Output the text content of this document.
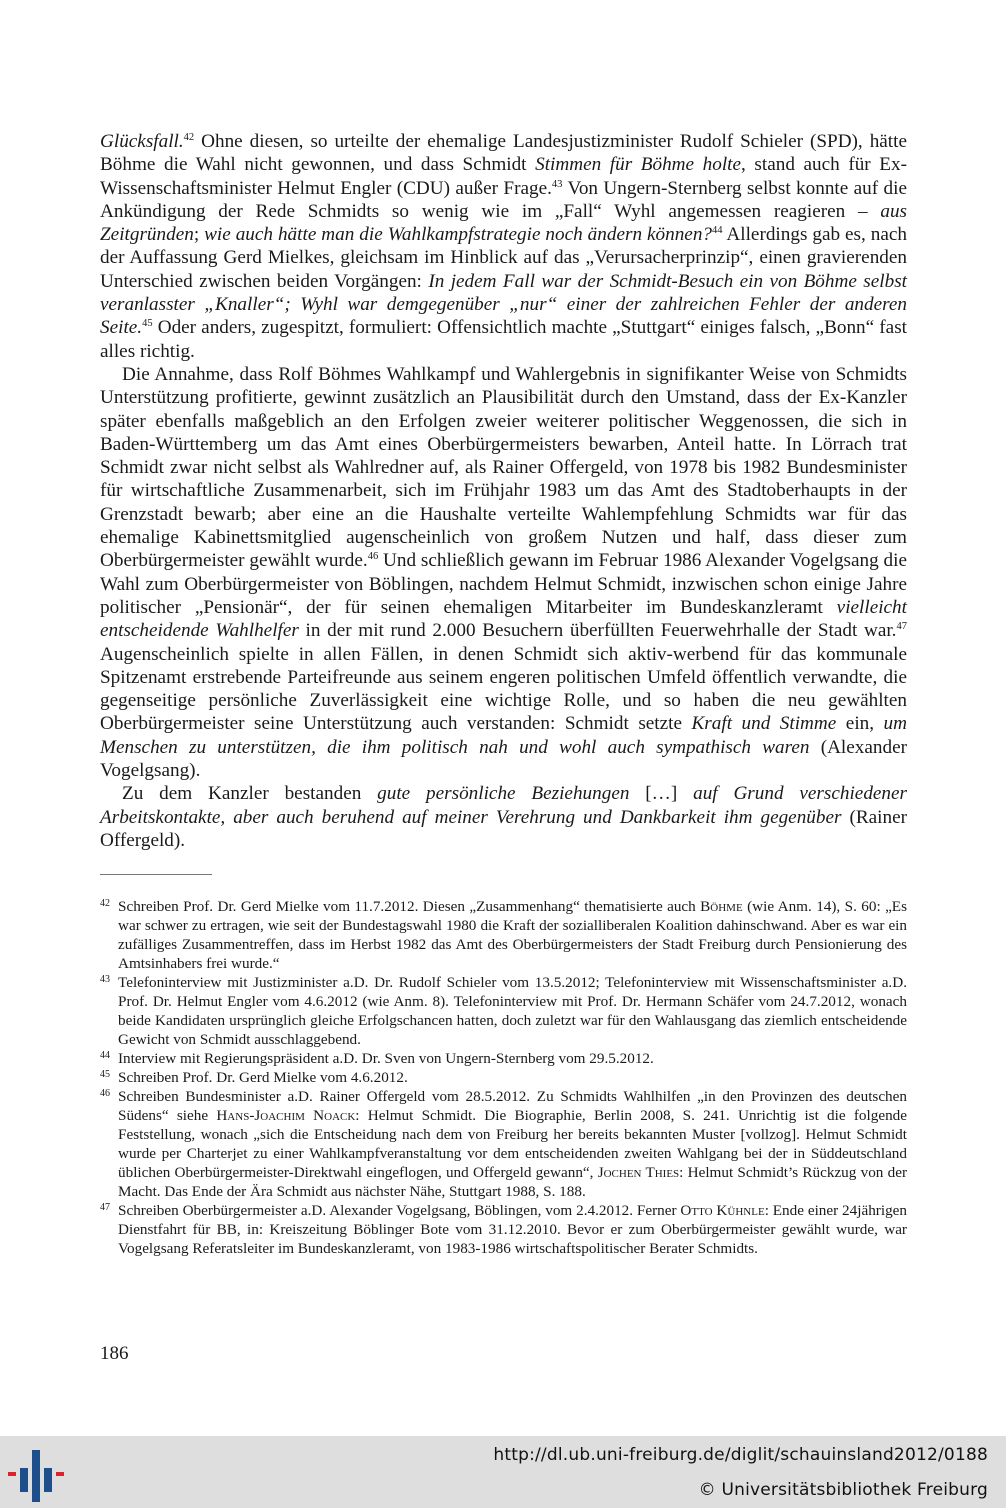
Glücksfall.$^{42}$ Ohne diesen, so urteilte der ehemalige Landesjustizminister Rudolf Schieler (SPD), hätte Böhme die Wahl nicht gewonnen, und dass Schmidt Stimmen für Böhme holte, stand auch für Ex-Wissenschaftsminister Helmut Engler (CDU) außer Frage.$^{43}$ Von Ungern-Sternberg selbst konnte auf die Ankündigung der Rede Schmidts so wenig wie im „Fall“ Wyhl angemessen reagieren – aus Zeitgründen; wie auch hätte man die Wahlkampfstrategie noch ändern können?$^{44}$ Allerdings gab es, nach der Auffassung Gerd Mielkes, gleichsam im Hinblick auf das „Verursacherprinzip“, einen gravierenden Unterschied zwischen beiden Vorgängen: In jedem Fall war der Schmidt-Besuch ein von Böhme selbst veranlasster „Knaller“; Wyhl war demgegenüber „nur“ einer der zahlreichen Fehler der anderen Seite.$^{45}$ Oder anders, zugespitzt, formuliert: Offensichtlich machte „Stuttgart“ einiges falsch, „Bonn“ fast alles richtig.

Die Annahme, dass Rolf Böhmes Wahlkampf und Wahlergebnis in signifikanter Weise von Schmidts Unterstützung profitierte, gewinnt zusätzlich an Plausibilität durch den Umstand, dass der Ex-Kanzler später ebenfalls maßgeblich an den Erfolgen zweier weiterer politischer Weggenossen, die sich in Baden-Württemberg um das Amt eines Oberbürgermeisters bewarben, Anteil hatte. In Lörrach trat Schmidt zwar nicht selbst als Wahlredner auf, als Rainer Offergeld, von 1978 bis 1982 Bundesminister für wirtschaftliche Zusammenarbeit, sich im Frühjahr 1983 um das Amt des Stadtoberhaupts in der Grenzstadt bewarb; aber eine an die Haushalte verteilte Wahlempfehlung Schmidts war für das ehemalige Kabinettsmitglied augenscheinlich von großem Nutzen und half, dass dieser zum Oberbürgermeister gewählt wurde.$^{46}$ Und schließlich gewann im Februar 1986 Alexander Vogelgsang die Wahl zum Oberbürgermeister von Böblingen, nachdem Helmut Schmidt, inzwischen schon einige Jahre politischer „Pensionär“, der für seinen ehemaligen Mitarbeiter im Bundeskanzleramt vielleicht entscheidende Wahlhelfer in der mit rund 2.000 Besuchern überfüllten Feuerwehrhalle der Stadt war.$^{47}$ Augenscheinlich spielte in allen Fällen, in denen Schmidt sich aktiv-werbend für das kommunale Spitzenamt erstrebende Parteifreunde aus seinem engeren politischen Umfeld öffentlich verwandte, die gegenseitige persönliche Zuverlässigkeit eine wichtige Rolle, und so haben die neu gewählten Oberbürgermeister seine Unterstützung auch verstanden: Schmidt setzte Kraft und Stimme ein, um Menschen zu unterstützen, die ihm politisch nah und wohl auch sympathisch waren (Alexander Vogelgsang).

Zu dem Kanzler bestanden gute persönliche Beziehungen […] auf Grund verschiedener Arbeitskontakte, aber auch beruhend auf meiner Verehrung und Dankbarkeit ihm gegenüber (Rainer Offergeld).

42 Schreiben Prof. Dr. Gerd Mielke vom 11.7.2012. Diesen „Zusammenhang“ thematisierte auch Böhme (wie Anm. 14), S. 60: „Es war schwer zu ertragen, wie seit der Bundestagswahl 1980 die Kraft der sozialliberalen Koalition dahinschwand. Aber es war ein zufälliges Zusammentreffen, dass im Herbst 1982 das Amt des Oberbürgermeisters der Stadt Freiburg durch Pensionierung des Amtsinhabers frei wurde.“

43 Telefoninterview mit Justizminister a.D. Dr. Rudolf Schieler vom 13.5.2012; Telefoninterview mit Wissenschaftsminister a.D. Prof. Dr. Helmut Engler vom 4.6.2012 (wie Anm. 8). Telefoninterview mit Prof. Dr. Hermann Schäfer vom 24.7.2012, wonach beide Kandidaten ursprünglich gleiche Erfolgschancen hatten, doch zuletzt war für den Wahlausgang das ziemlich entscheidende Gewicht von Schmidt ausschlaggebend.

44 Interview mit Regierungspräsident a.D. Dr. Sven von Ungern-Sternberg vom 29.5.2012.

45 Schreiben Prof. Dr. Gerd Mielke vom 4.6.2012.

46 Schreiben Bundesminister a.D. Rainer Offergeld vom 28.5.2012. Zu Schmidts Wahlhilfen „in den Provinzen des deutschen Südens“ siehe Hans-Joachim Noack: Helmut Schmidt. Die Biographie, Berlin 2008, S. 241. Unrichtig ist die folgende Feststellung, wonach „sich die Entscheidung nach dem von Freiburg her bereits bekannten Muster [vollzog]. Helmut Schmidt wurde per Charterjet zu einer Wahlkampfveranstaltung vor dem entscheidenden zweiten Wahlgang bei der in Süddeutschland üblichen Oberbürgermeister-Direktwahl eingeflogen, und Offergeld gewann“, Jochen Thies: Helmut Schmidt’s Rückzug von der Macht. Das Ende der Ära Schmidt aus nächster Nähe, Stuttgart 1988, S. 188.

47 Schreiben Oberbürgermeister a.D. Alexander Vogelgsang, Böblingen, vom 2.4.2012. Ferner Otto Kühnle: Ende einer 24jährigen Dienstfahrt für BB, in: Kreiszeitung Böblinger Bote vom 31.12.2010. Bevor er zum Oberbürgermeister gewählt wurde, war Vogelgsang Referatsleiter im Bundeskanzleramt, von 1983-1986 wirtschaftspolitischer Berater Schmidts.

186
http://dl.ub.uni-freiburg.de/diglit/schauinsland2012/0188
© Universitätsbibliothek Freiburg
